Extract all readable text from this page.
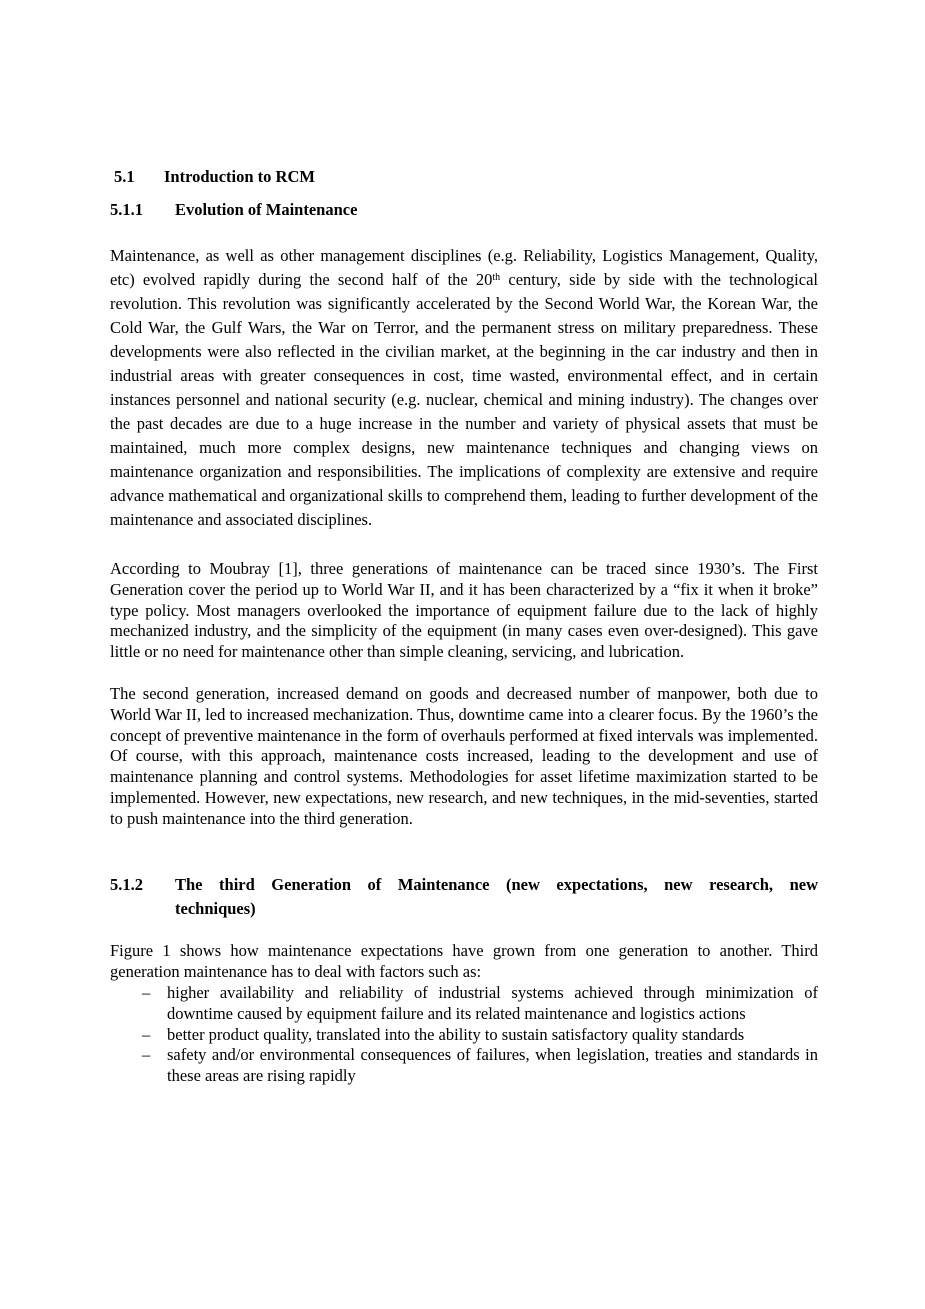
5.1 Introduction to RCM
5.1.1 Evolution of Maintenance
Maintenance, as well as other management disciplines (e.g. Reliability, Logistics Management, Quality, etc) evolved rapidly during the second half of the 20th century, side by side with the technological revolution. This revolution was significantly accelerated by the Second World War, the Korean War, the Cold War, the Gulf Wars, the War on Terror, and the permanent stress on military preparedness. These developments were also reflected in the civilian market, at the beginning in the car industry and then in industrial areas with greater consequences in cost, time wasted, environmental effect, and in certain instances personnel and national security (e.g. nuclear, chemical and mining industry). The changes over the past decades are due to a huge increase in the number and variety of physical assets that must be maintained, much more complex designs, new maintenance techniques and changing views on maintenance organization and responsibilities. The implications of complexity are extensive and require advance mathematical and organizational skills to comprehend them, leading to further development of the maintenance and associated disciplines.
According to Moubray [1], three generations of maintenance can be traced since 1930’s. The First Generation cover the period up to World War II, and it has been characterized by a “fix it when it broke” type policy. Most managers overlooked the importance of equipment failure due to the lack of highly mechanized industry, and the simplicity of the equipment (in many cases even over-designed). This gave little or no need for maintenance other than simple cleaning, servicing, and lubrication.
The second generation, increased demand on goods and decreased number of manpower, both due to World War II, led to increased mechanization. Thus, downtime came into a clearer focus. By the 1960’s the concept of preventive maintenance in the form of overhauls performed at fixed intervals was implemented. Of course, with this approach, maintenance costs increased, leading to the development and use of maintenance planning and control systems. Methodologies for asset lifetime maximization started to be implemented. However, new expectations, new research, and new techniques, in the mid-seventies, started to push maintenance into the third generation.
5.1.2	The third Generation of Maintenance (new expectations, new research, new
techniques)
Figure 1 shows how maintenance expectations have grown from one generation to another. Third generation maintenance has to deal with factors such as:
– higher availability and reliability of industrial systems achieved through minimization of downtime caused by equipment failure and its related maintenance and logistics actions
– better product quality, translated into the ability to sustain satisfactory quality standards
– safety and/or environmental consequences of failures, when legislation, treaties and standards in these areas are rising rapidly
